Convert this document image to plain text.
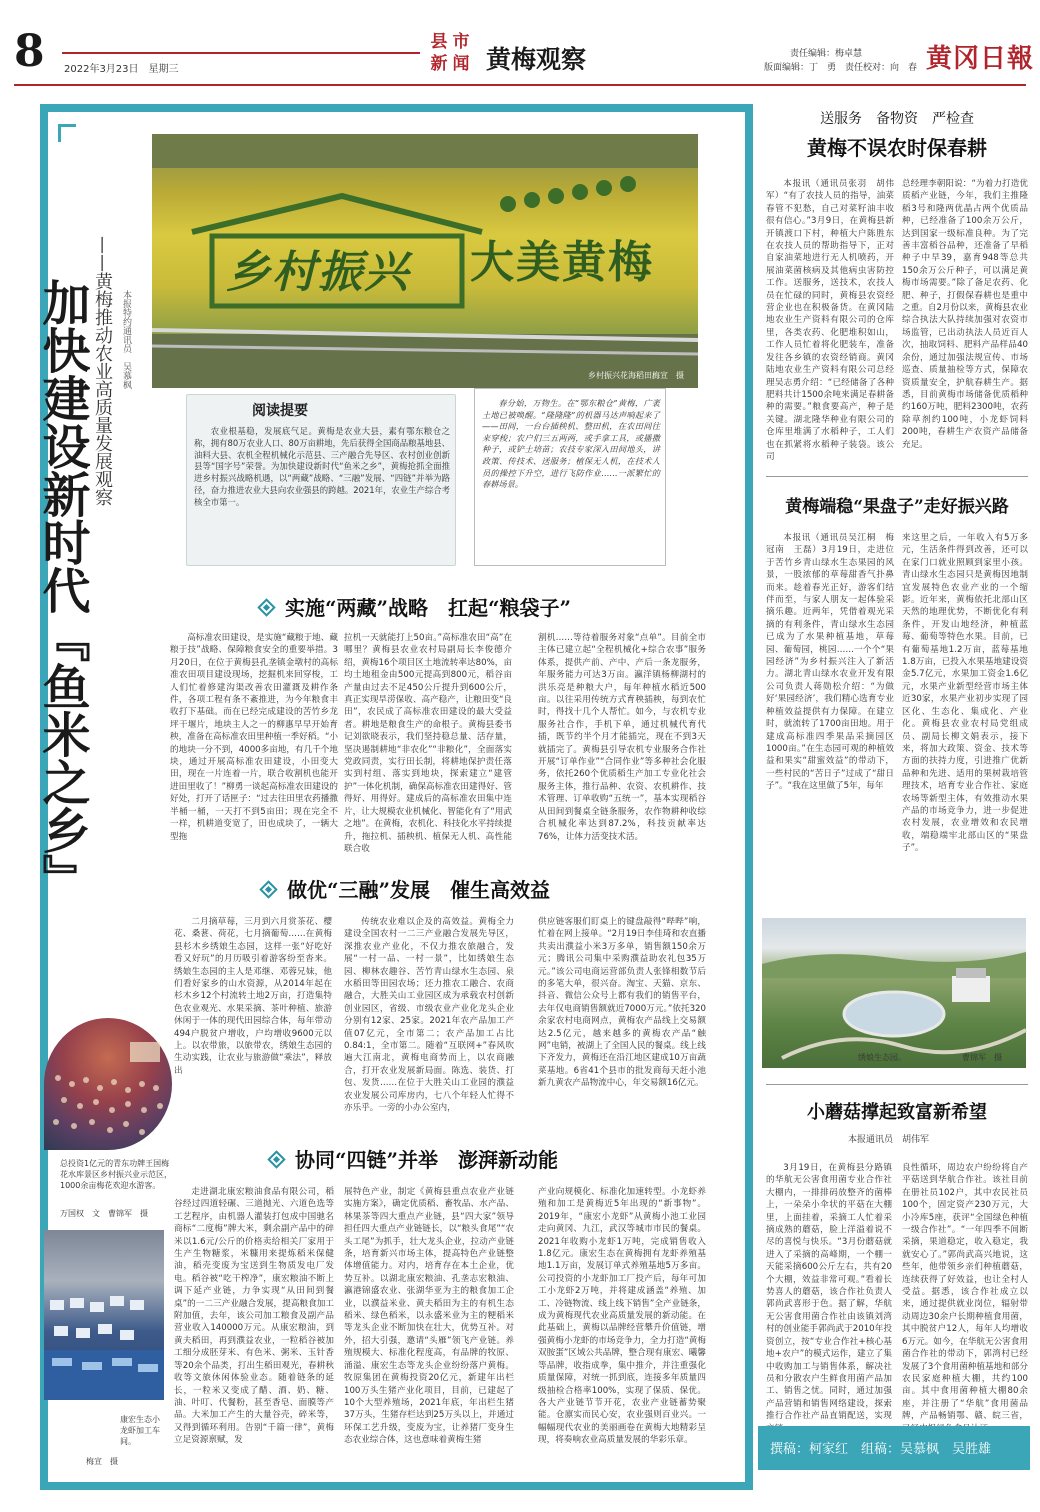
8 2022年3月23日　星期三
县 市
新 闻 黄梅观察	责任编辑：梅卓慧
版面编辑：丁　勇　责任校对：向　春 黄冈日報
加快建设新时代『鱼米之乡』 ——黄梅推动农业高质量发展观察 本报特约通讯员　吴慕枫
乡村振兴 大美黄梅
乡村振兴花海稻田。
梅宣　摄
阅读提要
农业根基稳，发展底气足。黄梅是农业大县，素有鄂东粮仓之称，拥有80万农业人口、80万亩耕地，先后获得全国商品粮基地县、油料大县、农机全程机械化示范县、三产融合先导区、农村创业创新县等“国字号”荣誉。为加快建设新时代“鱼米之乡”，黄梅抢抓全面推进乡村振兴战略机遇，以“两藏”战略、“三融”发展、“四链”并举为路径，奋力推进农业大县向农业强县的跨越。2021年，农业生产综合考核全市第一。
春分始，万物生。在“鄂东粮仓”黄梅，广袤土地已被唤醒。“隆隆隆”的机器马达声响起来了——田间，一台台插秧机、整田机，在农田间往来穿梭；农户们三五两两，或手拿工具，或播撒种子，或铲土培苗；农技专家深入田间地头，讲政策、传技术、送服务；植保无人机，在技术人员的操控下升空，进行飞防作业……一派繁忙的春耕场景。
实施“两藏”战略　扛起“粮袋子”
高标准农田建设，是实施“藏粮于地、藏粮于技”战略、保障粮食安全的重要举措。3月20日，在位于黄梅县孔垄镇金墩村的高标准农田项目建设现场，挖掘机来回穿梭，工人们忙着修建沟渠改善农田灌溉及耕作条件，各项工程有条不紊推进，为今年粮食丰收打下基础。而在已经完成建设的苦竹乡龙坪干堰片，地块主人之一的柳惠早早开始育秧，准备在高标准农田里种植一季好稻。“小的地块一分不到，4000多亩地，有几千个地块，通过开展高标准农田建设，小田变大田，现在一片连着一片，联合收割机也能开进田里收了！”柳勇一谈起高标准农田建设的好处，打开了话匣子：“过去往田里农药播撒半桶一桶，一天打不到5亩田；现在完全不一样，机耕道变宽了，田也成块了，一辆大型拖
拉机一天就能打上50亩。”高标准农田“高”在哪里？黄梅县农业农村局副局长李俊德介绍，黄梅16个项目区土地流转率达80%，亩均土地租金由500元提高到800元，稻谷亩产量由过去不足450公斤提升到600公斤，真正实现旱涝保收、高产稳产，让粮田变“良田”，农民成了高标准农田建设的最大受益者。耕地是粮食生产的命根子。黄梅县委书记刘欲晓表示，我们坚持稳总量、活存量，坚决遏制耕地“非农化”“非粮化”，全面落实党政同责，实行田长制，将耕地保护责任落实到村组、落实到地块，探索建立“建管护”一体化机制，确保高标准农田建得好、管得好、用得好。建成后的高标准农田集中连片，让大规模农业机械化、智能化有了“用武之地”。在黄梅，农机化、科技化水平持续提升，拖拉机、插秧机、植保无人机、高性能联合收
割机……等待着服务对象“点单”。目前全市主体已建立起“全程机械化+综合农事”服务体系，提供产前、产中、产后一条龙服务，年服务能力可达3万亩。瀛洋镇杨柳湖村的洪乐亮是种粮大户，每年种植水稻近500亩。以往采用传统方式育秧插秧，每到农忙时，得找十几个人帮忙。如今，与农机专业服务社合作，手机下单，通过机械代育代插，既节约半个月才能插完，现在不到3天就插完了。黄梅县引导农机专业服务合作社开展“订单作业”“合同作业”等多种社会化服务，依托260个优质稻生产加工专业化社会服务主体，推行品种、农资、农机耕作、技术管理、订单收购“五统一”，基本实现稻谷从田间到餐桌全链条服务，农作物耕种收综合机械化率达到87.2%，科技贡献率达76%，让体力活变技术活。
做优“三融”发展　催生高效益
二月摘草莓，三月到六月赏茶花、樱花、桑葚、荷花，七月摘葡萄……在黄梅县杉木乡绣娘生态园，这样一张“好吃好看又好玩”的月历吸引着游客纷至沓来。绣娘生态园的主人是邓继、邓蓉兄妹，他们看好家乡的山水资源，从2014年起在杉木乡12个村流转土地2万亩，打造集特色农业观光、水果采摘、茶叶种植、旅游休闲于一体的现代田园综合体，每年带动494户脱贫户增收，户均增收9600元以上。以农带旅，以旅带农，绣娘生态园的生动实践，让农业与旅游做“乘法”，释放出
传统农业难以企及的高效益。黄梅全力建设全国农村一二三产业融合发展先导区，深推农业产业化，不仅力推农旅融合，发展“一村一品、一村一景”，比如绣娘生态园、柳林农趣谷、苦竹青山绿水生态园、泉水稻田等田园农场；还力推农工融合、农商融合，大胜关山工业园区成为承载农村创新创业园区，省级、市级农业产业化龙头企业分别有12家、25家。2021年农产品加工产值07亿元，全市第二；农产品加工占比0.84:1，全市第二。随着“互联网+”春风吹遍大江南北，黄梅电商势而上，以农商融合，打开农业发展新局面。陈选、装货、打包、发货……在位于大胜关山工业园的濮益农业发展公司库房内，七八个年轻人忙得不亦乐乎。一旁的小办公室内，
供应链客服们盯桌上的键盘敲得“哔哔”响，忙着在网上接单。“2月19日李佳琦和农直播共卖出濮益小米3万多单，销售额150余万元；腾讯公司集中采购濮益助农礼包35万元。”该公司电商运营部负责人张锋相数节后的多笔大单，很兴奋。淘宝、天猫、京东、抖音、微信公众号上都有我们的销售平台，去年仅电商销售额就近7000万元。”依托320余家农村电商网点，黄梅农产品线上交易额达2.5亿元，越来越多的黄梅农产品“触网”电销，被湖上了全国人民的餐桌。线上线下齐发力，黄梅还在沿江地区建成10万亩蔬菜基地。6省41个县市的批发商每天赶小池新九黄农产品物流中心，年交易额16亿元。
总投资1亿元的青东功牌王国梅花水库景区乡村振兴业示范区，1000余亩梅花欢迎水游客。
万国权　文　曹锦军　摄
协同“四链”并举　澎湃新动能
走进湖北康宏粮油食品有限公司，稻谷经过四道轻碾、三道抛光、六道色选等工艺程序，由机器人灌装打包成中国驰名商标“二度梅”牌大米，剩余副产品中的碎米以1.6元/公斤的价格卖给相关厂家用于生产生物糖浆，米糠用来提炼稻米保健油，稻壳变废为宝送到生物质发电厂发电。稻谷被“吃干榨净”，康宏粮油不断上调下延产业链，力争实现“从田间到餐桌”的一二三产业融合发展，提高粮食加工附加值，去年，该公司加工粮食及副产品营业收入140000万元。从康宏粮油，到黄夫稻田，再到濮益农业，一粒稻谷被加工细分成胚芽米、有色米、粥米、玉针香等20余个品类，打出生稻田观光，春耕秋收等文旅休闲体验业态。随着链条的延长，一粒米又变成了醋、酒、奶、糖、油、叶叮、代餐粉，甚至香皂、面膜等产品。大米加工产生的大量谷壳，碎米等，又得到循环利用。告别“千篇一律”，黄梅立足资源禀赋，发
展特色产业，制定《黄梅县重点农业产业链实施方案》，确定优质稻、畜牧品、水产品、林果茶等四大重点产业链，县“四大家”领导担任四大重点产业链链长，以“粮头食尾”“农头工尾”为抓手，壮大龙头企业，拉动产业链条，培育新兴市场主体，提高特色产业链整体增值能力。对内，培育存在本土企业，优势互补。以湖北康宏粮油、孔垄志宏粮油、瀛港锦盛农业、张湖华亚为主的粮食加工企业，以濮益米业、黄夫稻田为主的有机生态稻米、绿色稻米，以永盛米业为主的粳稻米等龙头企业不断加快在壮大，优势互补。对外，招大引强，邀请“头雁”领飞产业链。养殖规模大、标准化程度高，有品牌的牧原、涌溢、康宏生态等龙头企业纷纷落户黄梅。牧原集团在黄梅投资20亿元，新建年出栏100万头生猪产业化项目，目前，已建起了10个大型养殖场，2021年底，年出栏生猪37万头，生猪存栏达到25万头以上，并通过环保工艺升级，变废为宝，让养猪厂变身生态农业综合体，这也意味着黄梅生猪
产业向规模化、标准化加速转型。小龙虾养殖和加工是黄梅近5年出现的“新事物”。2019年，“康宏小龙虾”从黄梅小池工业园走向黄冈、九江，武汉等城市市民的餐桌。2021年收购小龙虾1万吨，完成销售收入1.8亿元。康宏生态在黄梅拥有龙虾养殖基地1.1万亩，发展订单式养殖基地5万多亩。公司投资的小龙虾加工厂投产后，每年可加工小龙虾2万吨，并将建成涵盖“养殖、加工、冷链物流、线上线下销售”全产业链条，成为黄梅现代农业高质量发展的新动能。在此基础上，黄梅以品牌经营攀升价值链，增强黄梅小龙虾的市场竞争力，全力打造“黄梅双胺蛋”区域公共品牌，整合现有康宏、曦馨等品牌，收指成拳，集中推介，并注重强化质量保障，对统一抓到底，连接多年质量四级抽检合格率100%，实现了保质、保优。各大产业链节节开花，农业产业链蓄势聚能。仓廪实而民心安，农业强则百业兴。一幅幅现代农业的美丽画卷在黄梅大地精彩呈现，将奏响农业高质量发展的华彩乐章。
康宏生态小龙虾加工车间。
梅宣　摄
送服务　备物资　严检查
黄梅不误农时保春耕
本报讯（通讯员张羽　胡伟军）“有了农技人员的指导，油菜春管不犯愁，自己对菜籽油丰收很有信心。”3月9日，在黄梅县新开镇渡口下村，种植大户陈胜东在农技人员的帮助指导下，正对自家油菜地进行无人机喷药，开展油菜菌核病及其他病虫害防控工作。送服务，送技术，农技人员在忙碌的同时，黄梅县农资经营企业也在积极备货。在黄冈陆地农业生产资料有限公司的仓库里，各类农药、化肥堆积如山，工作人员忙着将化肥装车，准备发往各乡镇的农资经销商。黄冈陆地农业生产资料有限公司总经理吴志勇介绍：“已经储备了各种肥料共计1500余吨来满足春耕备种的需要。”粮食要高产，种子是关键。湖北隆华种业有限公司的仓库里堆满了水稻种子，工人们也在抓紧将水稻种子装袋。该公司
总经理李朝阳说：“为着力打造优质稻产业链，今年，我们主推隆稻3号和隆两优晶占两个优质品种，已经准备了100余万公斤，达到国家一级标准良种。为了完善丰富稻谷品种，还准备了早稻种子中早39，嘉育948等总共150余万公斤种子，可以满足黄梅市场需要。”除了备足农药、化肥、种子，打假保春耕也是重中之重。自2月份以来，黄梅县农业综合执法大队持续加强对农资市场监管，已出动执法人员近百人次，抽取饲料、肥料产品样品40余份，通过加强法规宣传、市场巡查、质量抽检等方式，保障农资质量安全，护航春耕生产。据悉，目前黄梅市场储备优质稻种约160万吨，肥料2300吨，农药除草剂约100吨，小龙虾饲料200吨，春耕生产农资产品储备充足。
黄梅端稳“果盘子”走好振兴路
本报讯（通讯员吴江桐　梅冠南　王磊）3月19日，走进位于苦竹乡青山绿水生态果园的风景，一股浓郁的草莓甜香气扑鼻而来。趁着春光正好，游客们结伴而至，与家人朋友一起体验采摘乐趣。近两年，凭借着观光采摘的有利条件，青山绿水生态园已成为了水果种植基地，草莓园、葡萄园，桃园……一个个“果园经济”为乡村振兴注入了新活力。湖北青山绿水农业开发有限公司负责人蒋勋松介绍：“为做好‘果园经济’，我们精心选育专业种植效益提供有力保障。在建立时，就流转了1700亩田地。用于建成高标准四季果品采摘园区1000亩。”在生态园可观的种植效益和果实“甜蜜效益”的带动下，一些村民的“苦日子”过成了“甜日子”。“我在这里做了5年，每年
来这里之后，一年收入有5万多元，生活条件得到改善，还可以在家门口就业照顾到家里小孩。青山绿水生态园只是黄梅因地制宜发展特色农业产业的一个缩影。近年来，黄梅依托北部山区天然的地理优势，不断优化有利条件，开发山地经济，种植蓝莓、葡萄等特色水果。目前，已有葡萄基地1.2万亩，蓝莓基地1.8万亩，已投入水果基地建设资金5.7亿元，水果加工资金1.6亿元，水果产业新型经营市场主体近30家，水果产业初步实现了园区化、生态化、集成化、产业化。黄梅县农业农村局党组成员、副局长柳文娟表示，接下来，将加大政策、资金、技术等方面的扶持力度，引进推广优新品种和先进、适用的果树栽培管理技术，培育专业合作社、家庭农场等新型主体，有效推动水果产品的市场竞争力，进一步促进农村发展，农业增效和农民增收，端稳端牢北部山区的“果盘子”。
绣娘生态园。	曹锦军　摄
小蘑菇撑起致富新希望
本报通讯员　胡伟军
3月19日，在黄梅县分路镇的华航无公害食用菌专业合作社大棚内，一排排码放整齐的菌棒上，一朵朵小伞状的平菇在大棚里，上面挂着，采摘工人忙着采摘成熟的蘑菇，脸上洋溢着说不尽的喜悦与快乐。“3月份蘑菇就进入了采摘的高峰期，一个棚一天能采摘600公斤左右，共有20个大棚，效益非常可观。”看着长势喜人的蘑菇，该合作社负责人郭尚武喜形于色。据了解，华航无公害食用菌合作社由该镇刘湾村的创业能手郭尚武于2010年投资创立，按“专业合作社+核心基地+农户”的模式运作，建立了集中收购加工与销售体系，解决社员和分散农户生鲜食用菌产品加工、销售之忧。同时，通过加强产品营销和销售网络建设，探索推行合作社产品直销配送，实现
良性循环，周边农户纷纷将自产平菇送到华航合作社。该社目前在册社员102户，其中农民社员100个，固定资产230万元，大小冷库5座，获评“全国绿色种植一级合作社”。“一年四季不间断采摘，果道稳定，收入稳定，我就安心了。”郭尚武高兴地说，这些年，他带领乡亲们种植蘑菇，连续获得了好效益，也让全村人受益。据悉，该合作社成立以来，通过提供就业岗位，辐射带动周边30余户长期种植食用菌，其中脱贫户12人，每年人均增收6万元。如今，在华航无公害食用菌合作社的带动下，郭湾村已经发展了3个食用菌种植基地和部分农民家庭种植大棚，共约100亩。其中食用菌种植大棚80余座，并注册了“华航”食用菌品牌，产品畅销鄂、赣、皖三省，
撰稿：柯家红　组稿：吴慕枫　吴胜雄
